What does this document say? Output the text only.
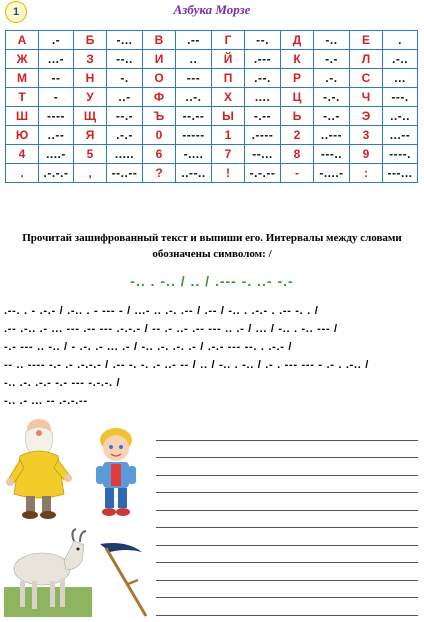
1	Азбука Морзе
А	.-	Б	-...	В	.--	Г	--.	Д	-..	Е	.
Ж	...-	З	--..	И	..	Й	.---	К	-.-	Л	.-..
М	--	Н	-.	О	---	П	.--.	Р	.-.	С	...
Т	-	У	..-	Ф	..-.	Х	....	Ц	-.-.	Ч	---.
Ш	----	Щ	--.-	Ъ	--.--	Ы	-.--	Ь	-..-	Э	..-..
Ю	..--	Я	.-.-	0	-----	1	.----	2	..---	3	...--
4	....-	5	.....	6	-....	7	--...	8	---..	9	----.
.	.-.-.-	,	--..--	?	..--..	!	-.-.--	-	-....-	:	---...
Прочитай зашифрованный текст и выпиши его. Интервалы между словами обозначены символом: /
-.. . -.. / .. / .--- -. ..- -.-
.--. . - .-.- / .-.. . - --- - / ...- .. .-. .-- / .-- / -.. . .-.- . .-- -. . /
.-- .-.. .- ... --- .-- --- .-.-.- / -- .- ..- .-- --- .. .- / ... / -.. . -.. --- /
-.- --- .. -.. / - .-. .- ... .- / -.. .-. .-. .- / .-.- --- --. . .-.- /
-- .. ---- -.- .- .-.-.- / .-- -. -. .- ..- -- / .. / -.. . -.. / .- . --- --- - .- . .-.. /
-.. .-. .-.- -.- --- -.-.-. /
-.. .- ... -- .-.-.--
